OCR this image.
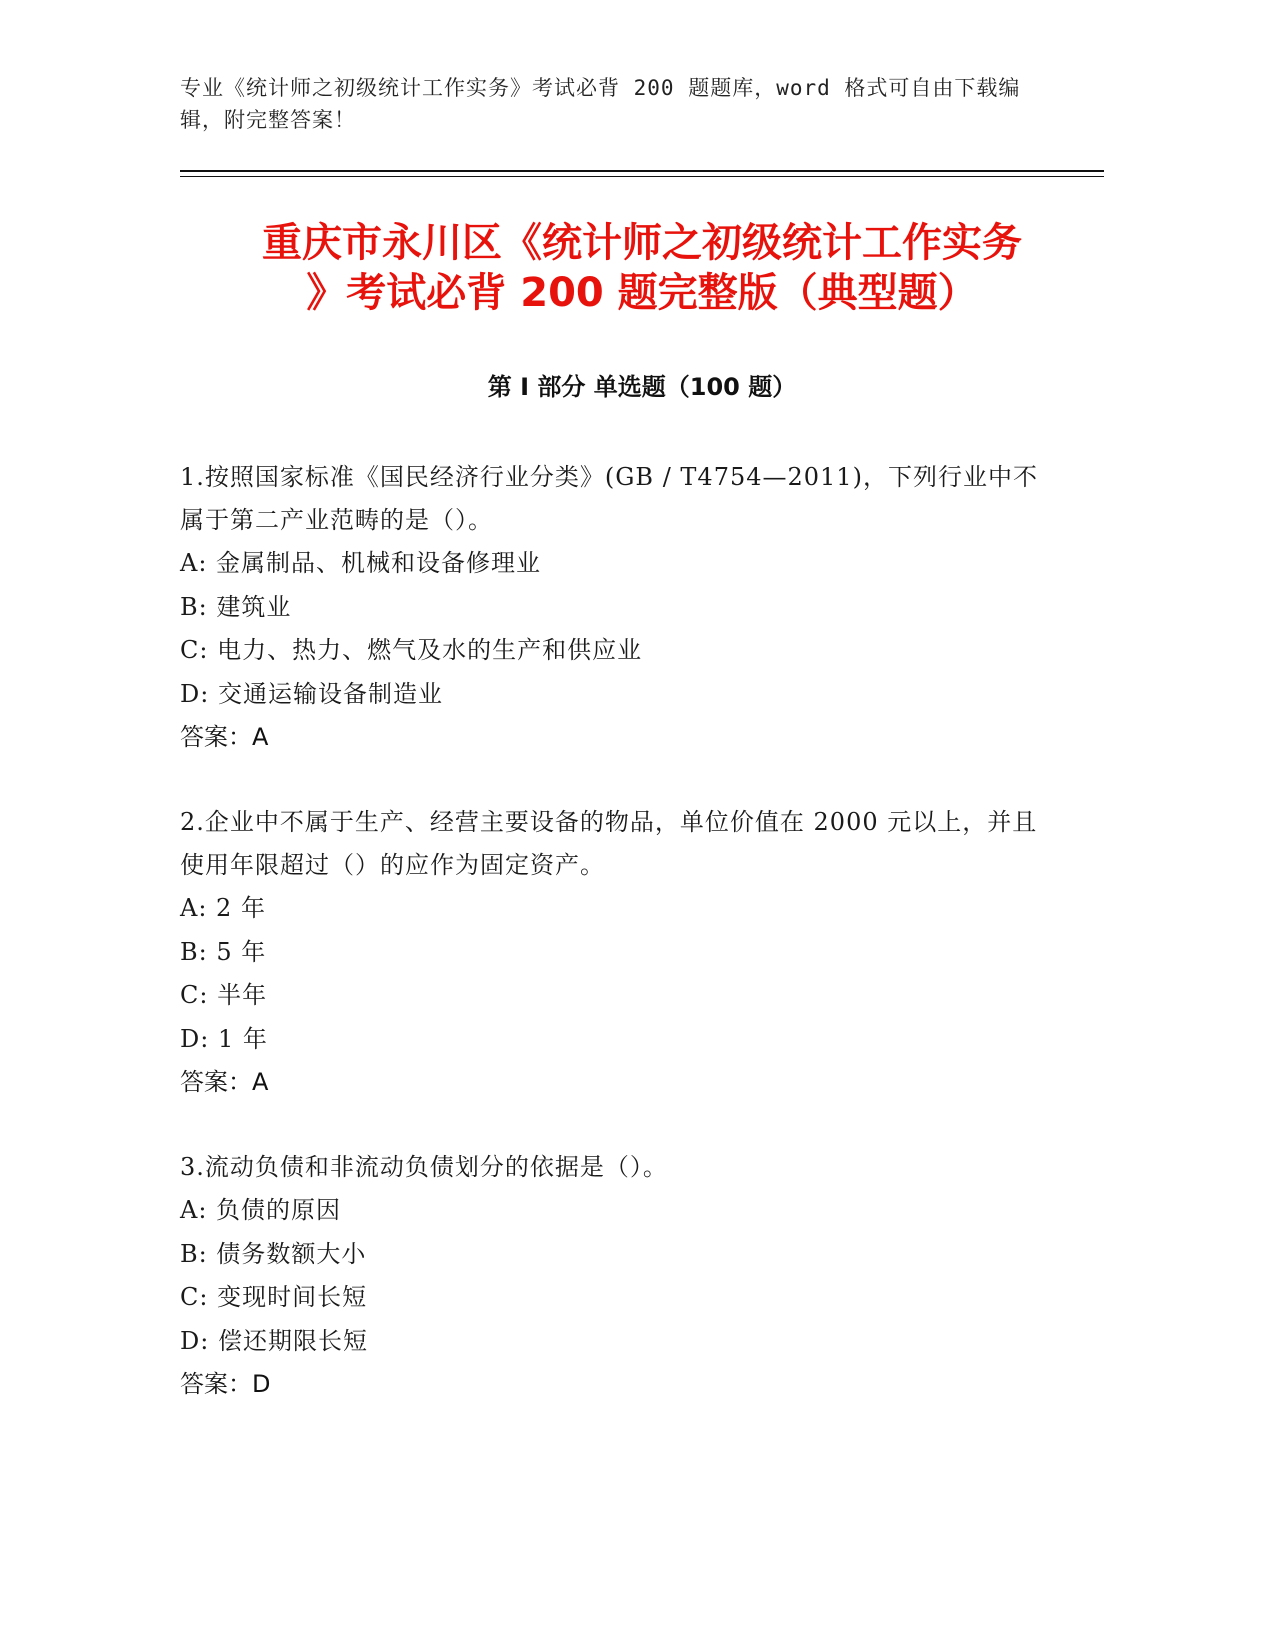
专业《统计师之初级统计工作实务》考试必背 200 题题库，word 格式可自由下载编辑，附完整答案！
重庆市永川区《统计师之初级统计工作实务
》考试必背 200 题完整版（典型题）
第 I 部分 单选题（100 题）

1.按照国家标准《国民经济行业分类》(GB / T4754—2011)，下列行业中不属于第二产业范畴的是（）。

A: 金属制品、机械和设备修理业

B: 建筑业

C: 电力、热力、燃气及水的生产和供应业

D: 交通运输设备制造业

答案：A

2.企业中不属于生产、经营主要设备的物品，单位价值在 2000 元以上，并且使用年限超过（）的应作为固定资产。

A: 2 年

B: 5 年

C: 半年

D: 1 年

答案：A

3.流动负债和非流动负债划分的依据是（）。

A: 负债的原因

B: 债务数额大小

C: 变现时间长短

D: 偿还期限长短

答案：D
